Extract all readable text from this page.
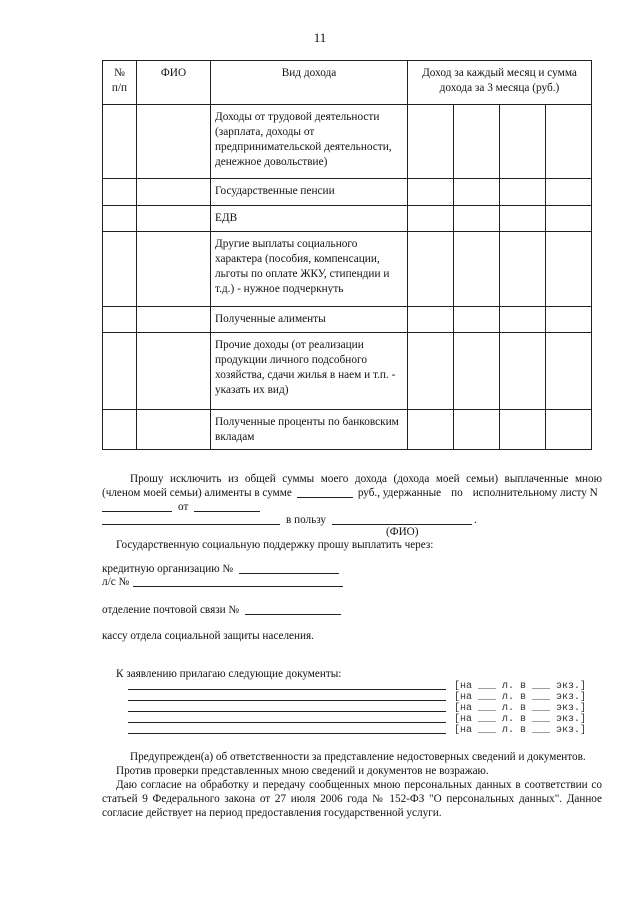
11
№ п/п	ФИО	Вид дохода	Доход за каждый месяц и сумма дохода за 3 месяца (руб.)			
		Доходы от трудовой деятельности (зарплата, доходы от предпринимательской деятельности, денежное довольствие)				
		Государственные пенсии				
		ЕДВ				
		Другие выплаты социального характера (пособия, компенсации, льготы по оплате ЖКУ, стипендии и т.д.) - нужное подчеркнуть				
		Полученные алименты				
		Прочие доходы (от реализации продукции личного подсобного хозяйства, сдачи жилья в наем и т.п. - указать их вид)				
		Полученные проценты по банковским вкладам				
Прошу исключить из общей суммы моего дохода (дохода моей семьи) выплаченные мною
(членом моей семьи) алименты в сумме	руб., удержанные по исполнительному листу N
от
в пользу	.
(ФИО)
Государственную социальную поддержку прошу выплатить через:
кредитную организацию №
л/с №
отделение почтовой связи №
кассу отдела социальной защиты населения.
К заявлению прилагаю следующие документы:
[на ___ л. в ___ экз.]
[на ___ л. в ___ экз.]
[на ___ л. в ___ экз.]
[на ___ л. в ___ экз.]
[на ___ л. в ___ экз.]
Предупрежден(а) об ответственности за представление недостоверных сведений и документов.
Против проверки представленных мною сведений и документов не возражаю.
Даю согласие на обработку и передачу сообщенных мною персональных данных в соответствии со
статьей 9 Федерального закона от 27 июля 2006 года № 152-ФЗ "О персональных данных". Данное
согласие действует на период предоставления государственной услуги.
